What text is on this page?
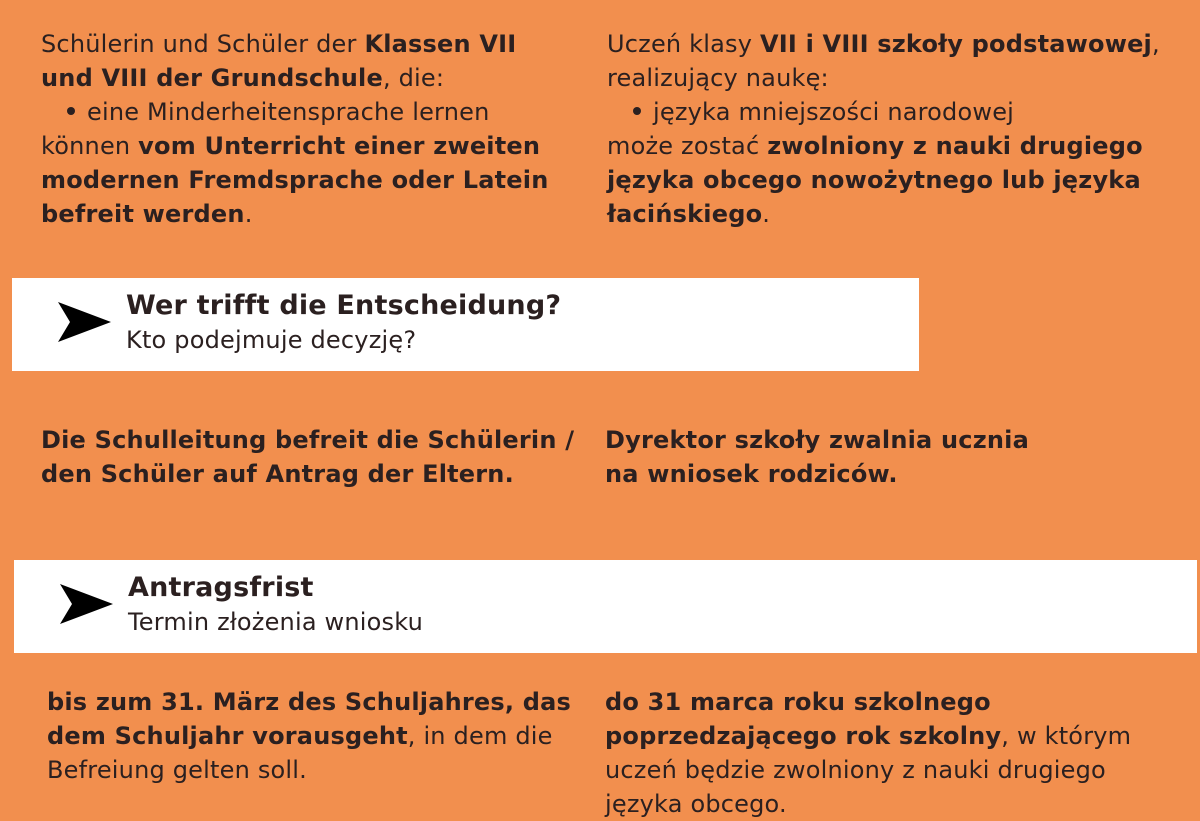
Schülerin und Schüler der Klassen VII
und VIII der Grundschule, die:

eine Minderheitensprache lernen
können vom Unterricht einer zweiten
modernen Fremdsprache oder Latein
befreit werden.
Uczeń klasy VII i VIII szkoły podstawowej,
realizujący naukę:

języka mniejszości narodowej
może zostać zwolniony z nauki drugiego
języka obcego nowożytnego lub języka
łacińskiego.
Wer trifft die Entscheidung?
Kto podejmuje decyzję?
Die Schulleitung befreit die Schülerin /
den Schüler auf Antrag der Eltern.
Dyrektor szkoły zwalnia ucznia
na wniosek rodziców.
Antragsfrist
Termin złożenia wniosku
bis zum 31. März des Schuljahres, das
dem Schuljahr vorausgeht, in dem die
Befreiung gelten soll.
do 31 marca roku szkolnego
poprzedzającego rok szkolny, w którym
uczeń będzie zwolniony z nauki drugiego
języka obcego.
